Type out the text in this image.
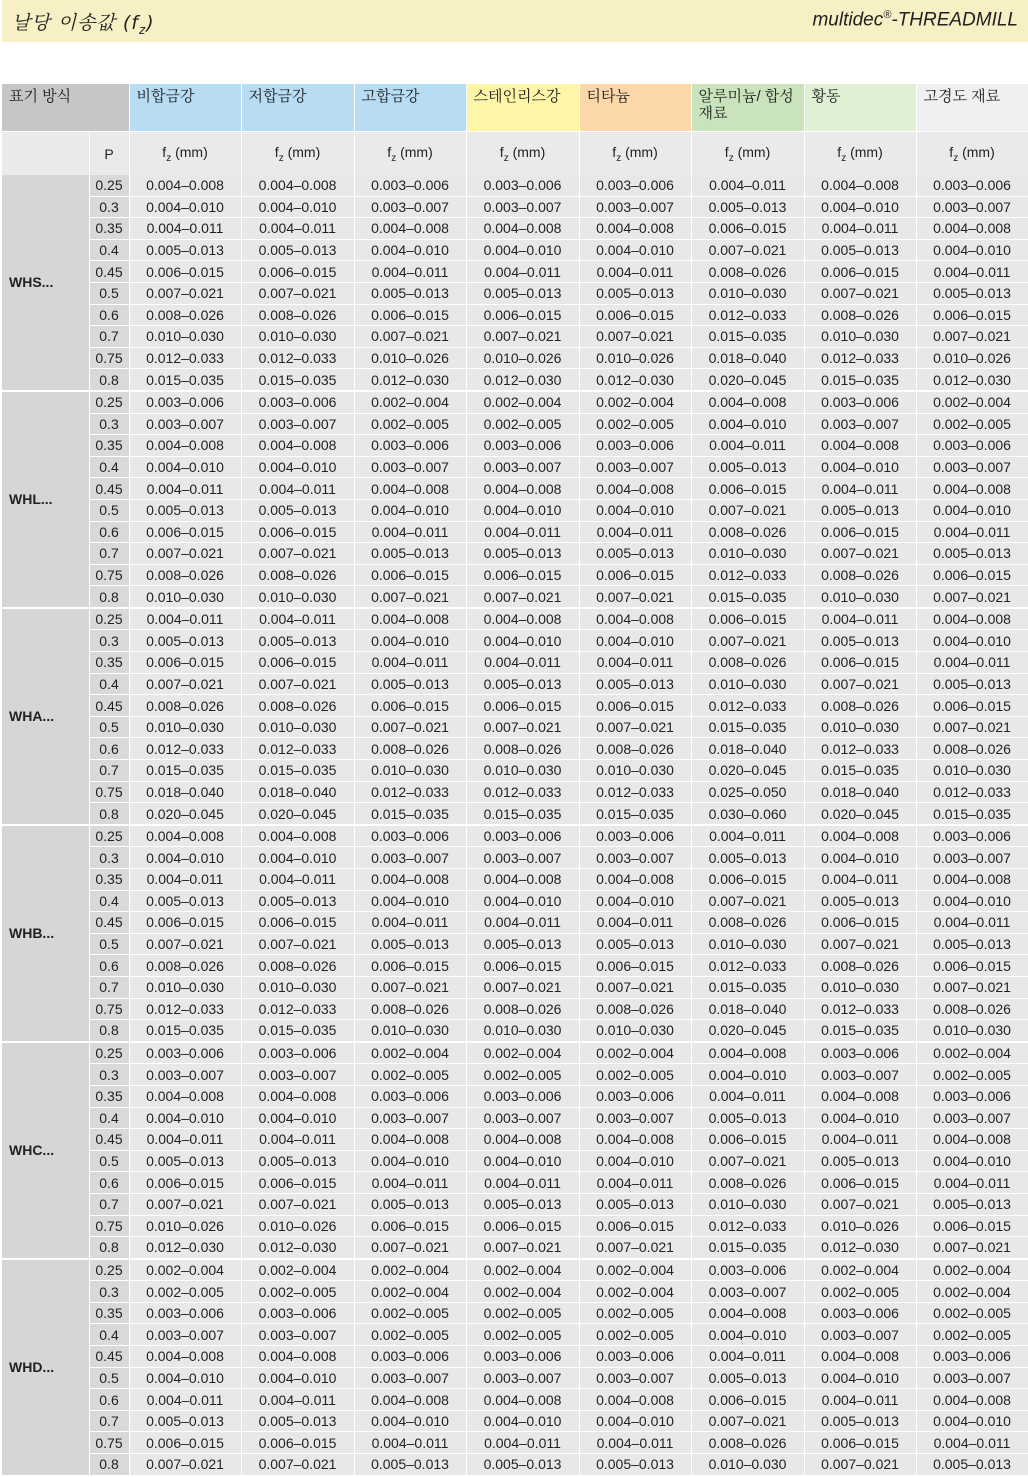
날당 이송값 $(f_z)$	multidec®-THREADMILL
표기 방식		비합금강	저합금강	고합금강	스테인리스강	티타늄	알루미늄/ 합성재료	황동	고경도 재료
	P	$f_z$ (mm)	$f_z$ (mm)	$f_z$ (mm)	$f_z$ (mm)	$f_z$ (mm)	$f_z$ (mm)	$f_z$ (mm)	$f_z$ (mm)
WHS...	0.25	0.004–0.008	0.004–0.008	0.003–0.006	0.003–0.006	0.003–0.006	0.004–0.011	0.004–0.008	0.003–0.006
	0.3	0.004–0.010	0.004–0.010	0.003–0.007	0.003–0.007	0.003–0.007	0.005–0.013	0.004–0.010	0.003–0.007
	0.35	0.004–0.011	0.004–0.011	0.004–0.008	0.004–0.008	0.004–0.008	0.006–0.015	0.004–0.011	0.004–0.008
	0.4	0.005–0.013	0.005–0.013	0.004–0.010	0.004–0.010	0.004–0.010	0.007–0.021	0.005–0.013	0.004–0.010
	0.45	0.006–0.015	0.006–0.015	0.004–0.011	0.004–0.011	0.004–0.011	0.008–0.026	0.006–0.015	0.004–0.011
	0.5	0.007–0.021	0.007–0.021	0.005–0.013	0.005–0.013	0.005–0.013	0.010–0.030	0.007–0.021	0.005–0.013
	0.6	0.008–0.026	0.008–0.026	0.006–0.015	0.006–0.015	0.006–0.015	0.012–0.033	0.008–0.026	0.006–0.015
	0.7	0.010–0.030	0.010–0.030	0.007–0.021	0.007–0.021	0.007–0.021	0.015–0.035	0.010–0.030	0.007–0.021
	0.75	0.012–0.033	0.012–0.033	0.010–0.026	0.010–0.026	0.010–0.026	0.018–0.040	0.012–0.033	0.010–0.026
	0.8	0.015–0.035	0.015–0.035	0.012–0.030	0.012–0.030	0.012–0.030	0.020–0.045	0.015–0.035	0.012–0.030
WHL...	0.25	0.003–0.006	0.003–0.006	0.002–0.004	0.002–0.004	0.002–0.004	0.004–0.008	0.003–0.006	0.002–0.004
	0.3	0.003–0.007	0.003–0.007	0.002–0.005	0.002–0.005	0.002–0.005	0.004–0.010	0.003–0.007	0.002–0.005
	0.35	0.004–0.008	0.004–0.008	0.003–0.006	0.003–0.006	0.003–0.006	0.004–0.011	0.004–0.008	0.003–0.006
	0.4	0.004–0.010	0.004–0.010	0.003–0.007	0.003–0.007	0.003–0.007	0.005–0.013	0.004–0.010	0.003–0.007
	0.45	0.004–0.011	0.004–0.011	0.004–0.008	0.004–0.008	0.004–0.008	0.006–0.015	0.004–0.011	0.004–0.008
	0.5	0.005–0.013	0.005–0.013	0.004–0.010	0.004–0.010	0.004–0.010	0.007–0.021	0.005–0.013	0.004–0.010
	0.6	0.006–0.015	0.006–0.015	0.004–0.011	0.004–0.011	0.004–0.011	0.008–0.026	0.006–0.015	0.004–0.011
	0.7	0.007–0.021	0.007–0.021	0.005–0.013	0.005–0.013	0.005–0.013	0.010–0.030	0.007–0.021	0.005–0.013
	0.75	0.008–0.026	0.008–0.026	0.006–0.015	0.006–0.015	0.006–0.015	0.012–0.033	0.008–0.026	0.006–0.015
	0.8	0.010–0.030	0.010–0.030	0.007–0.021	0.007–0.021	0.007–0.021	0.015–0.035	0.010–0.030	0.007–0.021
WHA...	0.25	0.004–0.011	0.004–0.011	0.004–0.008	0.004–0.008	0.004–0.008	0.006–0.015	0.004–0.011	0.004–0.008
	0.3	0.005–0.013	0.005–0.013	0.004–0.010	0.004–0.010	0.004–0.010	0.007–0.021	0.005–0.013	0.004–0.010
	0.35	0.006–0.015	0.006–0.015	0.004–0.011	0.004–0.011	0.004–0.011	0.008–0.026	0.006–0.015	0.004–0.011
	0.4	0.007–0.021	0.007–0.021	0.005–0.013	0.005–0.013	0.005–0.013	0.010–0.030	0.007–0.021	0.005–0.013
	0.45	0.008–0.026	0.008–0.026	0.006–0.015	0.006–0.015	0.006–0.015	0.012–0.033	0.008–0.026	0.006–0.015
	0.5	0.010–0.030	0.010–0.030	0.007–0.021	0.007–0.021	0.007–0.021	0.015–0.035	0.010–0.030	0.007–0.021
	0.6	0.012–0.033	0.012–0.033	0.008–0.026	0.008–0.026	0.008–0.026	0.018–0.040	0.012–0.033	0.008–0.026
	0.7	0.015–0.035	0.015–0.035	0.010–0.030	0.010–0.030	0.010–0.030	0.020–0.045	0.015–0.035	0.010–0.030
	0.75	0.018–0.040	0.018–0.040	0.012–0.033	0.012–0.033	0.012–0.033	0.025–0.050	0.018–0.040	0.012–0.033
	0.8	0.020–0.045	0.020–0.045	0.015–0.035	0.015–0.035	0.015–0.035	0.030–0.060	0.020–0.045	0.015–0.035
WHB...	0.25	0.004–0.008	0.004–0.008	0.003–0.006	0.003–0.006	0.003–0.006	0.004–0.011	0.004–0.008	0.003–0.006
	0.3	0.004–0.010	0.004–0.010	0.003–0.007	0.003–0.007	0.003–0.007	0.005–0.013	0.004–0.010	0.003–0.007
	0.35	0.004–0.011	0.004–0.011	0.004–0.008	0.004–0.008	0.004–0.008	0.006–0.015	0.004–0.011	0.004–0.008
	0.4	0.005–0.013	0.005–0.013	0.004–0.010	0.004–0.010	0.004–0.010	0.007–0.021	0.005–0.013	0.004–0.010
	0.45	0.006–0.015	0.006–0.015	0.004–0.011	0.004–0.011	0.004–0.011	0.008–0.026	0.006–0.015	0.004–0.011
	0.5	0.007–0.021	0.007–0.021	0.005–0.013	0.005–0.013	0.005–0.013	0.010–0.030	0.007–0.021	0.005–0.013
	0.6	0.008–0.026	0.008–0.026	0.006–0.015	0.006–0.015	0.006–0.015	0.012–0.033	0.008–0.026	0.006–0.015
	0.7	0.010–0.030	0.010–0.030	0.007–0.021	0.007–0.021	0.007–0.021	0.015–0.035	0.010–0.030	0.007–0.021
	0.75	0.012–0.033	0.012–0.033	0.008–0.026	0.008–0.026	0.008–0.026	0.018–0.040	0.012–0.033	0.008–0.026
	0.8	0.015–0.035	0.015–0.035	0.010–0.030	0.010–0.030	0.010–0.030	0.020–0.045	0.015–0.035	0.010–0.030
WHC...	0.25	0.003–0.006	0.003–0.006	0.002–0.004	0.002–0.004	0.002–0.004	0.004–0.008	0.003–0.006	0.002–0.004
	0.3	0.003–0.007	0.003–0.007	0.002–0.005	0.002–0.005	0.002–0.005	0.004–0.010	0.003–0.007	0.002–0.005
	0.35	0.004–0.008	0.004–0.008	0.003–0.006	0.003–0.006	0.003–0.006	0.004–0.011	0.004–0.008	0.003–0.006
	0.4	0.004–0.010	0.004–0.010	0.003–0.007	0.003–0.007	0.003–0.007	0.005–0.013	0.004–0.010	0.003–0.007
	0.45	0.004–0.011	0.004–0.011	0.004–0.008	0.004–0.008	0.004–0.008	0.006–0.015	0.004–0.011	0.004–0.008
	0.5	0.005–0.013	0.005–0.013	0.004–0.010	0.004–0.010	0.004–0.010	0.007–0.021	0.005–0.013	0.004–0.010
	0.6	0.006–0.015	0.006–0.015	0.004–0.011	0.004–0.011	0.004–0.011	0.008–0.026	0.006–0.015	0.004–0.011
	0.7	0.007–0.021	0.007–0.021	0.005–0.013	0.005–0.013	0.005–0.013	0.010–0.030	0.007–0.021	0.005–0.013
	0.75	0.010–0.026	0.010–0.026	0.006–0.015	0.006–0.015	0.006–0.015	0.012–0.033	0.010–0.026	0.006–0.015
	0.8	0.012–0.030	0.012–0.030	0.007–0.021	0.007–0.021	0.007–0.021	0.015–0.035	0.012–0.030	0.007–0.021
WHD...	0.25	0.002–0.004	0.002–0.004	0.002–0.004	0.002–0.004	0.002–0.004	0.003–0.006	0.002–0.004	0.002–0.004
	0.3	0.002–0.005	0.002–0.005	0.002–0.004	0.002–0.004	0.002–0.004	0.003–0.007	0.002–0.005	0.002–0.004
	0.35	0.003–0.006	0.003–0.006	0.002–0.005	0.002–0.005	0.002–0.005	0.004–0.008	0.003–0.006	0.002–0.005
	0.4	0.003–0.007	0.003–0.007	0.002–0.005	0.002–0.005	0.002–0.005	0.004–0.010	0.003–0.007	0.002–0.005
	0.45	0.004–0.008	0.004–0.008	0.003–0.006	0.003–0.006	0.003–0.006	0.004–0.011	0.004–0.008	0.003–0.006
	0.5	0.004–0.010	0.004–0.010	0.003–0.007	0.003–0.007	0.003–0.007	0.005–0.013	0.004–0.010	0.003–0.007
	0.6	0.004–0.011	0.004–0.011	0.004–0.008	0.004–0.008	0.004–0.008	0.006–0.015	0.004–0.011	0.004–0.008
	0.7	0.005–0.013	0.005–0.013	0.004–0.010	0.004–0.010	0.004–0.010	0.007–0.021	0.005–0.013	0.004–0.010
	0.75	0.006–0.015	0.006–0.015	0.004–0.011	0.004–0.011	0.004–0.011	0.008–0.026	0.006–0.015	0.004–0.011
	0.8	0.007–0.021	0.007–0.021	0.005–0.013	0.005–0.013	0.005–0.013	0.010–0.030	0.007–0.021	0.005–0.013
